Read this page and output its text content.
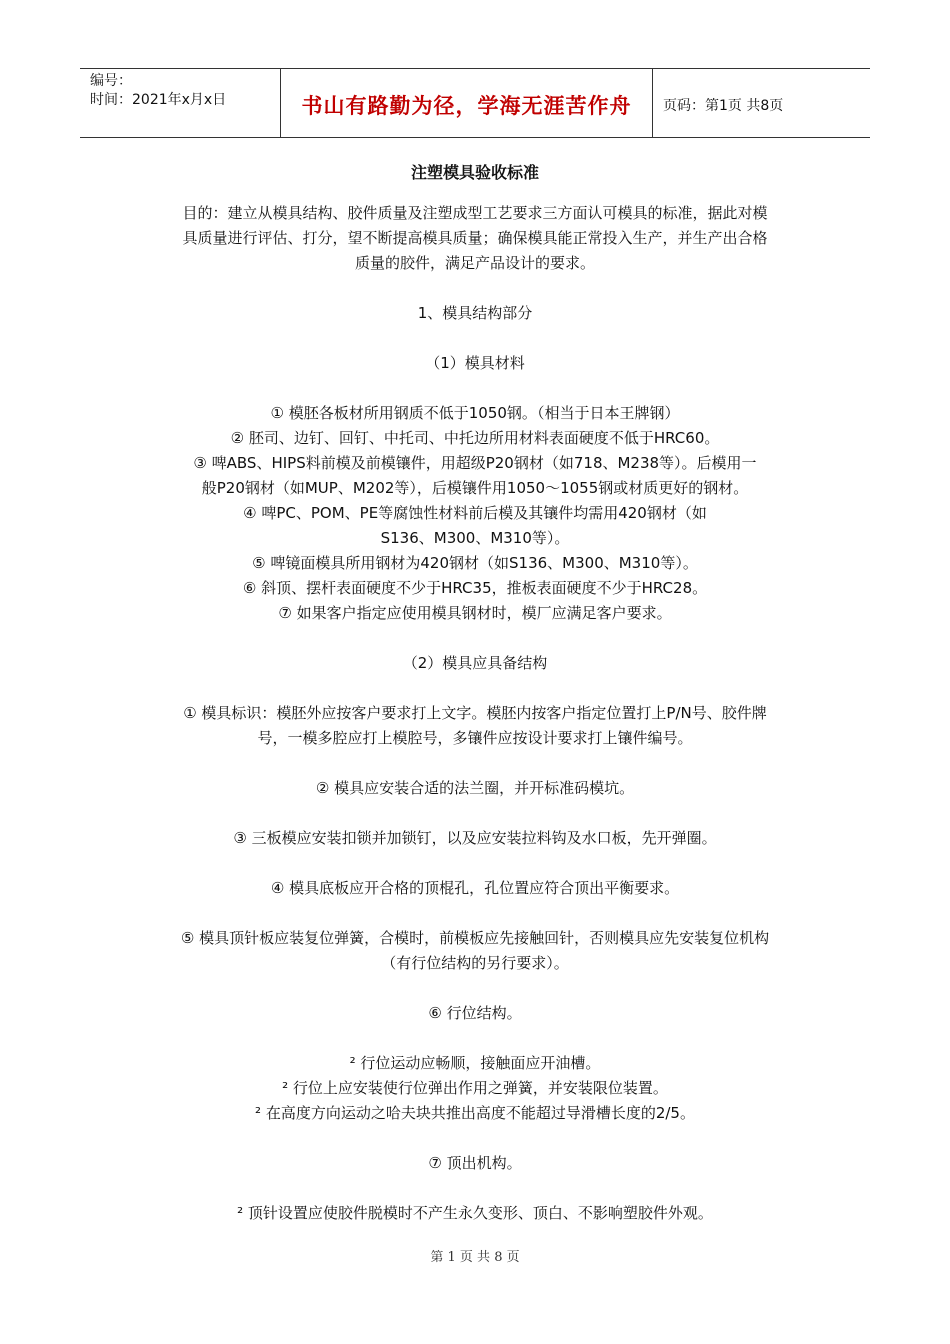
编号：
时间：2021年x月x日	书山有路勤为径，学海无涯苦作舟	页码：第1页 共8页

注塑模具验收标准

目的：建立从模具结构、胶件质量及注塑成型工艺要求三方面认可模具的标准，据此对模

具质量进行评估、打分，望不断提高模具质量；确保模具能正常投入生产，并生产出合格

质量的胶件，满足产品设计的要求。

1、模具结构部分

（1）模具材料

① 模胚各板材所用钢质不低于1050钢。（相当于日本王牌钢）

② 胚司、边钉、回钉、中托司、中托边所用材料表面硬度不低于HRC60。

③ 啤ABS、HIPS料前模及前模镶件，用超级P20钢材（如718、M238等）。后模用一

般P20钢材（如MUP、M202等），后模镶件用1050～1055钢或材质更好的钢材。

④ 啤PC、POM、PE等腐蚀性材料前后模及其镶件均需用420钢材（如

S136、M300、M310等）。

⑤ 啤镜面模具所用钢材为420钢材（如S136、M300、M310等）。

⑥ 斜顶、摆杆表面硬度不少于HRC35，推板表面硬度不少于HRC28。

⑦ 如果客户指定应使用模具钢材时，模厂应满足客户要求。

（2）模具应具备结构

① 模具标识：模胚外应按客户要求打上文字。模胚内按客户指定位置打上P/N号、胶件牌

号，一模多腔应打上模腔号，多镶件应按设计要求打上镶件编号。

② 模具应安装合适的法兰圈，并开标准码模坑。

③ 三板模应安装扣锁并加锁钉，以及应安装拉料钩及水口板，先开弹圈。

④ 模具底板应开合格的顶棍孔，孔位置应符合顶出平衡要求。

⑤ 模具顶针板应装复位弹簧，合模时，前模板应先接触回针，否则模具应先安装复位机构

（有行位结构的另行要求）。

⑥ 行位结构。

² 行位运动应畅顺，接触面应开油槽。

² 行位上应安装使行位弹出作用之弹簧，并安装限位装置。

² 在高度方向运动之哈夫块共推出高度不能超过导滑槽长度的2/5。

⑦ 顶出机构。

² 顶针设置应使胶件脱模时不产生永久变形、顶白、不影响塑胶件外观。

第 1 页 共 8 页
